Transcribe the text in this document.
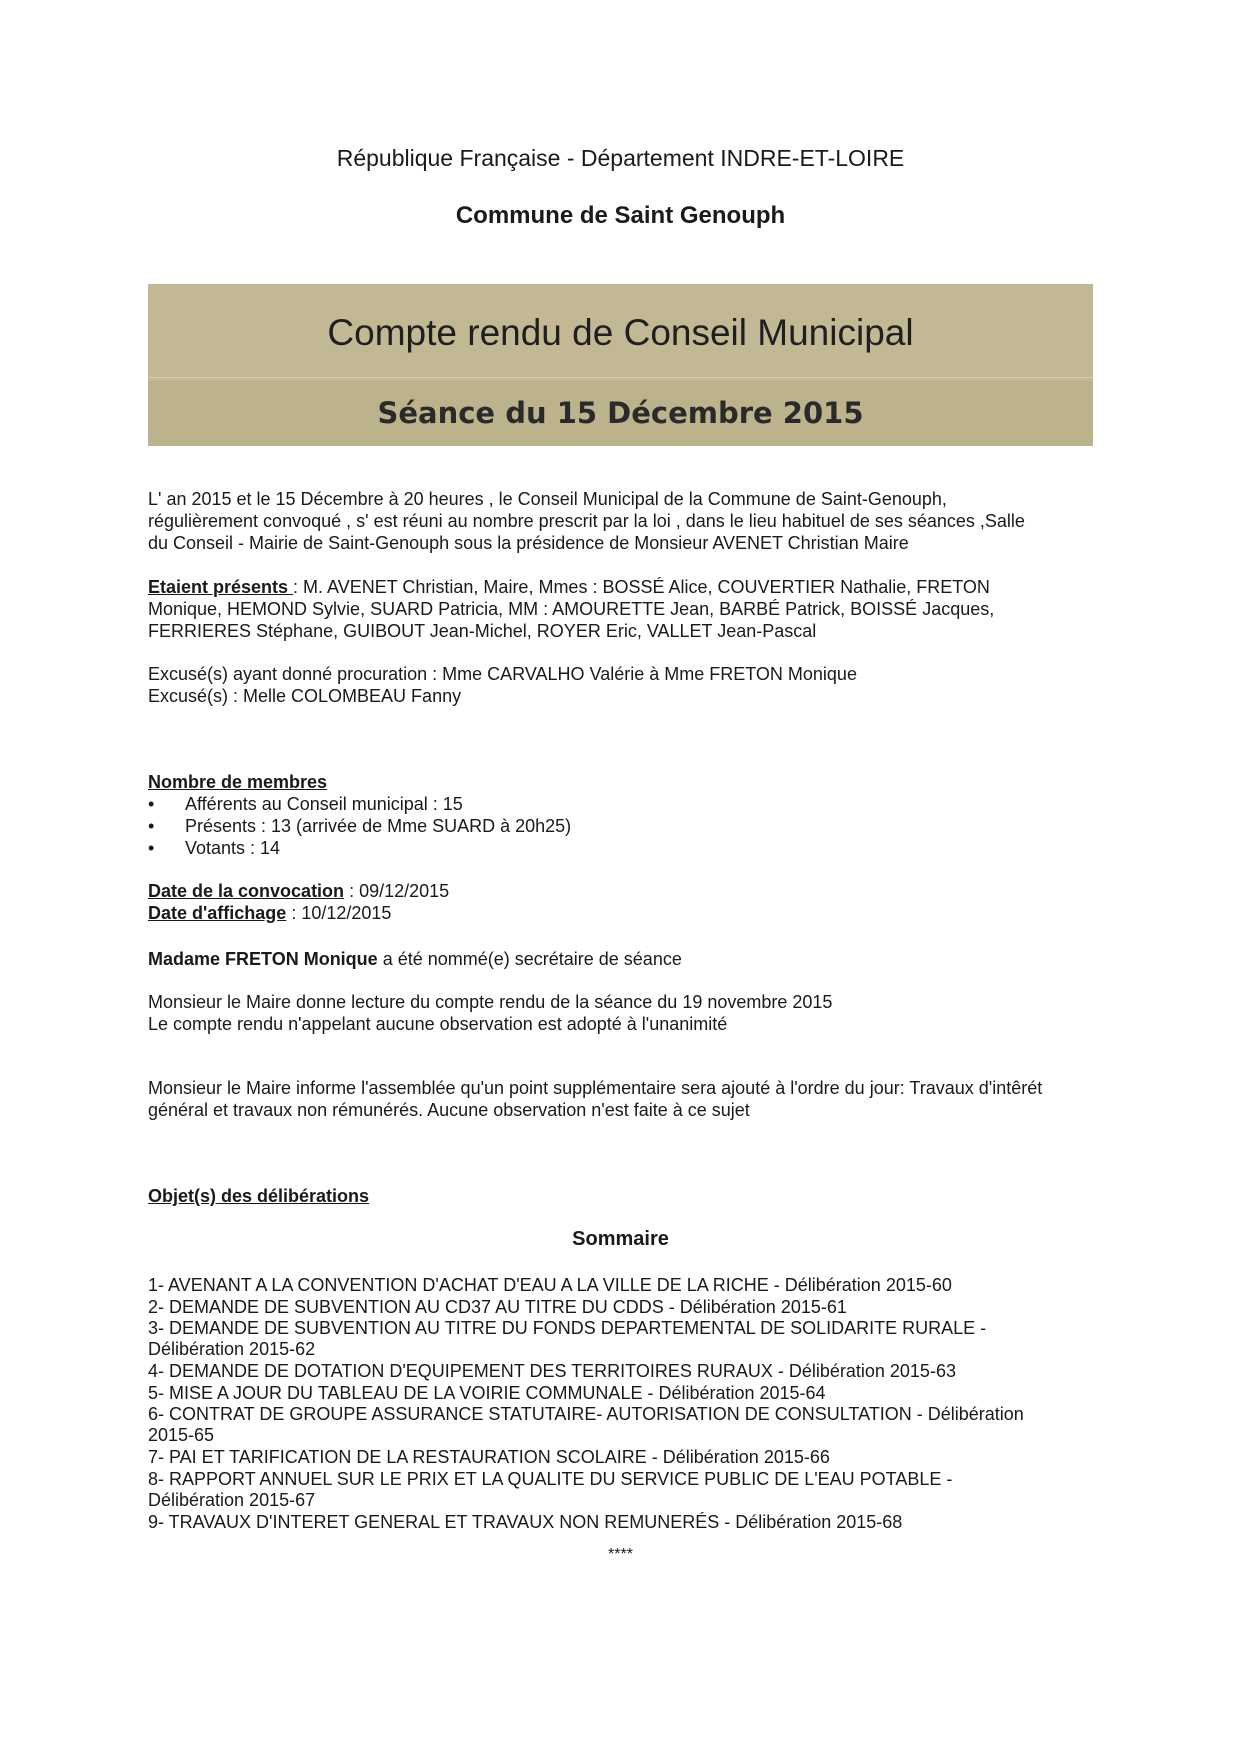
République Française - Département INDRE-ET-LOIRE
Commune de Saint Genouph
Compte rendu de Conseil Municipal
Séance du 15 Décembre 2015
L' an 2015 et le 15 Décembre à 20 heures , le Conseil Municipal de la Commune de Saint-Genouph,
régulièrement convoqué , s' est réuni au nombre prescrit par la loi , dans le lieu habituel de ses séances ,Salle
du Conseil - Mairie de Saint-Genouph sous la présidence de Monsieur AVENET Christian Maire
Etaient présents : M. AVENET Christian, Maire, Mmes : BOSSÉ Alice, COUVERTIER Nathalie, FRETON
Monique, HEMOND Sylvie, SUARD Patricia, MM : AMOURETTE Jean, BARBÉ Patrick, BOISSÉ Jacques,
FERRIERES Stéphane, GUIBOUT Jean-Michel, ROYER Eric, VALLET Jean-Pascal
Excusé(s) ayant donné procuration : Mme CARVALHO Valérie à Mme FRETON Monique
Excusé(s) : Melle COLOMBEAU Fanny
Nombre de membres
•	Afférents au Conseil municipal : 15
•	Présents : 13 (arrivée de Mme SUARD à 20h25)
•	Votants : 14
Date de la convocation : 09/12/2015
Date d'affichage : 10/12/2015
Madame FRETON Monique a été nommé(e) secrétaire de séance
Monsieur le Maire donne lecture du compte rendu de la séance du 19 novembre 2015
Le compte rendu n'appelant aucune observation est adopté à l'unanimité
Monsieur le Maire informe l'assemblée qu'un point supplémentaire sera ajouté à l'ordre du jour: Travaux d'intêrét
général et travaux non rémunérés. Aucune observation n'est faite à ce sujet
Objet(s) des délibérations
Sommaire
1- AVENANT A LA CONVENTION D'ACHAT D'EAU A LA VILLE DE LA RICHE - Délibération 2015-60
2- DEMANDE DE SUBVENTION AU CD37 AU TITRE DU CDDS - Délibération 2015-61
3- DEMANDE DE SUBVENTION AU TITRE DU FONDS DEPARTEMENTAL DE SOLIDARITE RURALE -
Délibération 2015-62
4- DEMANDE DE DOTATION D'EQUIPEMENT DES TERRITOIRES RURAUX - Délibération 2015-63
5- MISE A JOUR DU TABLEAU DE LA VOIRIE COMMUNALE - Délibération 2015-64
6- CONTRAT DE GROUPE ASSURANCE STATUTAIRE- AUTORISATION DE CONSULTATION - Délibération
2015-65
7- PAI ET TARIFICATION DE LA RESTAURATION SCOLAIRE - Délibération 2015-66
8- RAPPORT ANNUEL SUR LE PRIX ET LA QUALITE DU SERVICE PUBLIC DE L'EAU POTABLE -
Délibération 2015-67
9- TRAVAUX D'INTERET GENERAL ET TRAVAUX NON REMUNERÉS - Délibération 2015-68
****
